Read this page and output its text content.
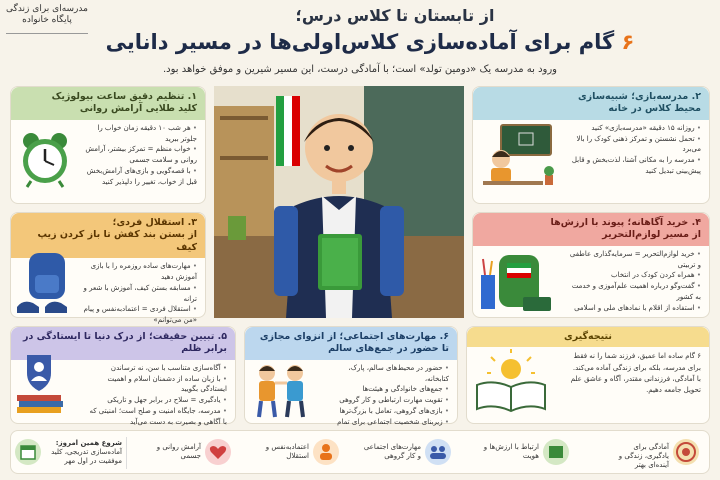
مدرسه‌ای برای زندگی
پایگاه خانواده	از تابستان تا کلاس درس؛
۶ گام برای آماده‌سازی کلاس‌اولی‌ها در مسیر دانایی
ورود به مدرسه یک «دومین تولد» است؛ با آمادگی درست، این مسیر شیرین و موفق خواهد بود.
۱. تنظیم دقیق ساعت بیولوژیک
کلید طلایی آرامش روانی
• هر شب ۱۰ دقیقه زمان خواب را جلوتر ببرید
• خواب منظم = تمرکز بیشتر، آرامش روانی و سلامت جسمی
• با قصه‌گویی و بازی‌های آرامش‌بخش قبل از خواب، تغییر را دلپذیر کنید
۲. مدرسه‌بازی؛ شبیه‌سازی
محیط کلاس در خانه
• روزانه ۱۵ دقیقه «مدرسه‌بازی» کنید
• تحمل نشستن و تمرکز ذهنی کودک را بالا می‌برد
• مدرسه را به مکانی آشنا، لذت‌بخش و قابل پیش‌بینی تبدیل کنید
۳. استقلال فردی؛
از بستن بند کفش تا باز کردن زیپ کیف
• مهارت‌های ساده روزمره را با بازی آموزش دهید
• مسابقه بستن کیف، آموزش با شعر و ترانه
• استقلال فردی = اعتماد‌به‌نفس و پیام «من می‌توانم»
۴. خرید آگاهانه؛ پیوند با ارزش‌ها
از مسیر لوازم‌التحریر
• خرید لوازم‌التحریر = سرمایه‌گذاری عاطفی و تربیتی
• همراه کردن کودک در انتخاب
• گفت‌وگو درباره اهمیت علم‌آموزی و خدمت به کشور
• استفاده از اقلام با نمادهای ملی و اسلامی
۵. تبیین حقیقت؛ از درک دنیا تا ایستادگی در برابر ظلم
• آگاه‌سازی متناسب با سن، نه ترساندن
• با زبان ساده از دشمنان اسلام و اهمیت ایستادگی بگویید
• یادگیری = سلاح در برابر جهل و تاریکی
• مدرسه، جایگاه امنیت و صلح است؛ امنیتی که با آگاهی و بصیرت به دست می‌آید
۶. مهارت‌های اجتماعی؛ از انزوای مجازی
تا حضور در جمع‌های سالم
• حضور در محیط‌های سالم، پارک، کتابخانه،
• جمع‌های خانوادگی و هیئت‌ها
• تقویت مهارت ارتباطی و کار گروهی
• بازی‌های گروهی، تعامل با بزرگ‌ترها
• زیربنای شخصیت اجتماعی برای تمام
نتیجه‌گیری

۶ گام ساده اما عمیق، فرزند شما را نه فقط برای مدرسه، بلکه برای زندگی آماده می‌کند. با آمادگی، فرزندانی مقتدر، آگاه و عاشق علم تحویل جامعه دهیم.

آمادگی برای یادگیری، زندگی و آینده‌ای بهتر
ارتباط با ارزش‌ها و هویت
مهارت‌های اجتماعی و کار گروهی
اعتماد‌به‌نفس و استقلال
آرامش روانی و جسمی
شروع همین امروز:
آماده‌سازی تدریجی، کلید موفقیت در اول مهر
